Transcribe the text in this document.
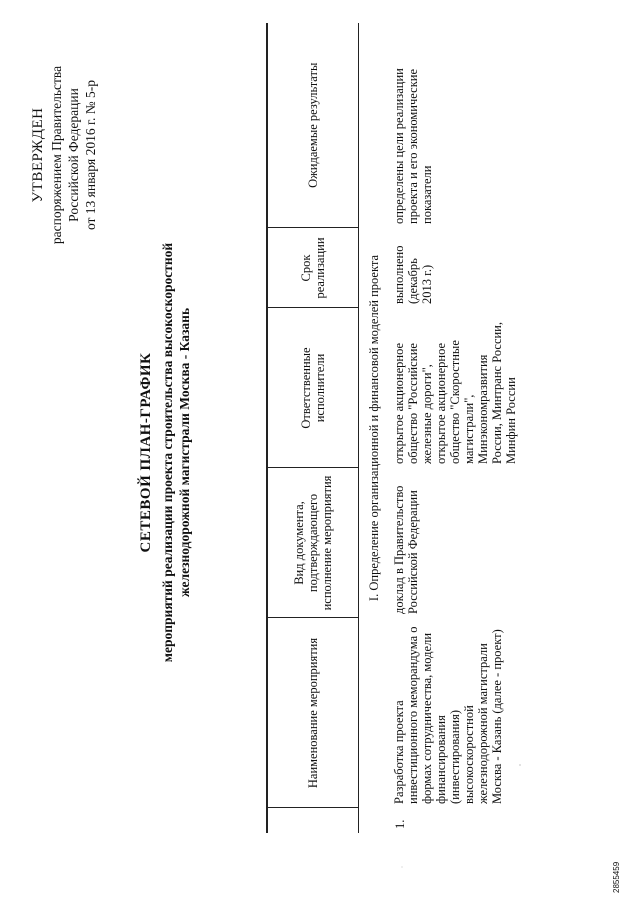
УТВЕРЖДЕН распоряжением Правительства Российской Федерации от 13 января 2016 г. № 5-р
СЕТЕВОЙ ПЛАН-ГРАФИК мероприятий реализации проекта строительства высокоскоростной железнодорожной магистрали Москва - Казань
	Наименование мероприятия	Вид документа, подтверждающего исполнение мероприятия	Ответственные исполнители	Срок реализации	Ожидаемые результаты
I. Определение организационной и финансовой моделей проекта					
1.	Разработка проекта инвестиционного меморандума о формах сотрудничества, модели финансирования (инвестирования) высокоскоростной железнодорожной магистрали Москва - Казань (далее - проект)	доклад в Правительство Российской Федерации	открытое акционерное общество "Российские железные дороги", открытое акционерное общество "Скоростные магистрали", Минэкономразвития России, Минтранс России, Минфин России	выполнено (декабрь 2013 г.)	определены цели реализации проекта и его экономические показатели
2855459
